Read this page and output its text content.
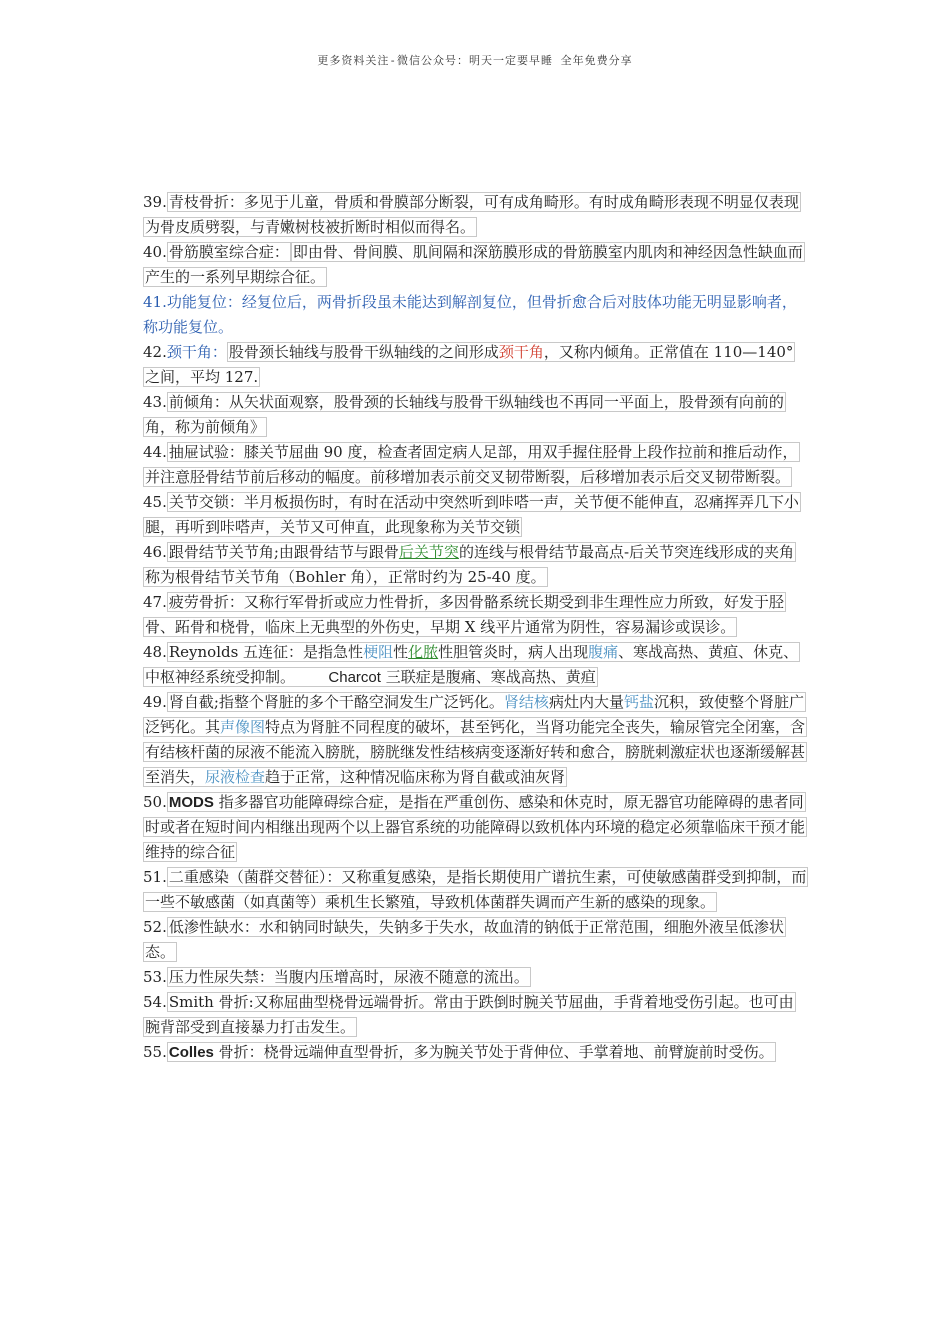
更多资料关注-微信公众号：明天一定要早睡 全年免费分享
39. 青枝骨折：多见于儿童，骨质和骨膜部分断裂，可有成角畸形。有时成角畸形表现不明显仅表现为骨皮质劈裂，与青嫩树枝被折断时相似而得名。
40. 骨筋膜室综合症： 即由骨、骨间膜、肌间隔和深筋膜形成的骨筋膜室内肌肉和神经因急性缺血而产生的一系列早期综合征。
41.功能复位：经复位后，两骨折段虽未能达到解剖复位，但骨折愈合后对肢体功能无明显影响者，称功能复位。
42.颈干角： 股骨颈长轴线与股骨干纵轴线的之间形成颈干角，又称内倾角。正常值在 110—140°之间，平均 127.
43. 前倾角：从矢状面观察，股骨颈的长轴线与股骨干纵轴线也不再同一平面上，股骨颈有向前的角，称为前倾角》
44. 抽屉试验：膝关节屈曲 90 度，检查者固定病人足部，用双手握住胫骨上段作拉前和推后动作，并注意胫骨结节前后移动的幅度。前移增加表示前交叉韧带断裂，后移增加表示后交叉韧带断裂。
45. 关节交锁：半月板损伤时，有时在活动中突然听到咔嗒一声，关节便不能伸直，忍痛挥弄几下小腿，再听到咔嗒声，关节又可伸直，此现象称为关节交锁
46. 跟骨结节关节角;由跟骨结节与跟骨后关节突的连线与根骨结节最高点-后关节突连线形成的夹角称为根骨结节关节角（Bohler 角），正常时约为 25-40 度。
47. 疲劳骨折：又称行军骨折或应力性骨折，多因骨骼系统长期受到非生理性应力所致，好发于胫骨、跖骨和桡骨，临床上无典型的外伤史，早期 X 线平片通常为阴性，容易漏诊或误诊。
48. Reynolds 五连征：是指急性梗阻性化脓性胆管炎时，病人出现腹痛、寒战高热、黄疸、休克、中枢神经系统受抑制。 Charcot 三联症是腹痛、寒战高热、黄疸
49. 肾自截;指整个肾脏的多个干酪空洞发生广泛钙化。肾结核病灶内大量钙盐沉积，致使整个肾脏广泛钙化。其声像图特点为肾脏不同程度的破坏，甚至钙化，当肾功能完全丧失，输尿管完全闭塞，含有结核杆菌的尿液不能流入膀胱，膀胱继发性结核病变逐渐好转和愈合，膀胱刺激症状也逐渐缓解甚至消失，尿液检查趋于正常，这种情况临床称为肾自截或油灰肾
50. MODS 指多器官功能障碍综合症，是指在严重创伤、感染和休克时，原无器官功能障碍的患者同时或者在短时间内相继出现两个以上器官系统的功能障碍以致机体内环境的稳定必须靠临床干预才能维持的综合征
51. 二重感染（菌群交替征）：又称重复感染，是指长期使用广谱抗生素，可使敏感菌群受到抑制，而一些不敏感菌（如真菌等）乘机生长繁殖，导致机体菌群失调而产生新的感染的现象。
52. 低渗性缺水：水和钠同时缺失，失钠多于失水，故血清的钠低于正常范围，细胞外液呈低渗状态。
53. 压力性尿失禁：当腹内压增高时，尿液不随意的流出。
54. Smith 骨折:又称屈曲型桡骨远端骨折。常由于跌倒时腕关节屈曲，手背着地受伤引起。也可由腕背部受到直接暴力打击发生。
55. Colles 骨折：桡骨远端伸直型骨折，多为腕关节处于背伸位、手掌着地、前臂旋前时受伤。
